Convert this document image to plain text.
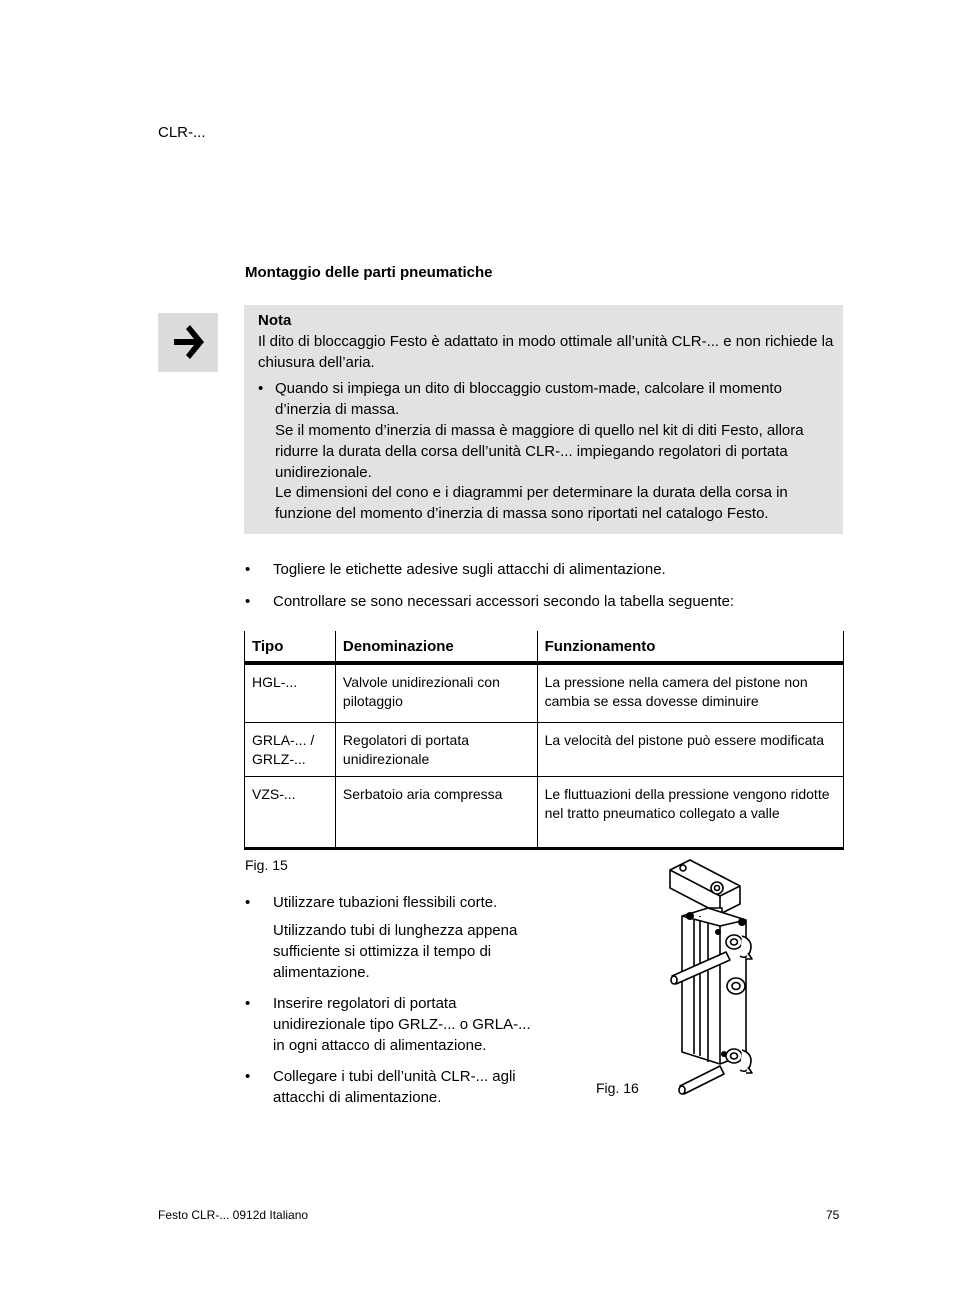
CLR-...
Montaggio delle parti pneumatiche
Nota
Il dito di bloccaggio Festo è adattato in modo ottimale all’unità CLR-... e non richiede la chiusura dell’aria.
• Quando si impiega un dito di bloccaggio custom-made, calcolare il momento d’inerzia di massa.
Se il momento d’inerzia di massa è maggiore di quello nel kit di diti Festo, allora ridurre la durata della corsa dell’unità CLR-... impiegando regolatori di portata unidirezionale.
Le dimensioni del cono e i diagrammi per determinare la durata della corsa in funzione del momento d’inerzia di massa sono riportati nel catalogo Festo.
• Togliere le etichette adesive sugli attacchi di alimentazione.
• Controllare se sono necessari accessori secondo la tabella seguente:
Tipo	Denominazione	Funzionamento
HGL-...	Valvole unidirezionali con pilotaggio	La pressione nella camera del pistone non cambia se essa dovesse diminuire
GRLA-... / GRLZ-...	Regolatori di portata unidirezionale	La velocità del pistone può essere modificata
VZS-...	Serbatoio aria compressa	Le fluttuazioni della pressione vengono ridotte nel tratto pneumatico collegato a valle
Fig. 15
• Utilizzare tubazioni flessibili corte.
Utilizzando tubi di lunghezza appena sufficiente si ottimizza il tempo di alimentazione.
• Inserire regolatori di portata unidirezionale tipo GRLZ-... o GRLA-... in ogni attacco di alimentazione.
• Collegare i tubi dell’unità CLR-... agli attacchi di alimentazione.
Fig. 16
Festo CLR-... 0912d Italiano	75
